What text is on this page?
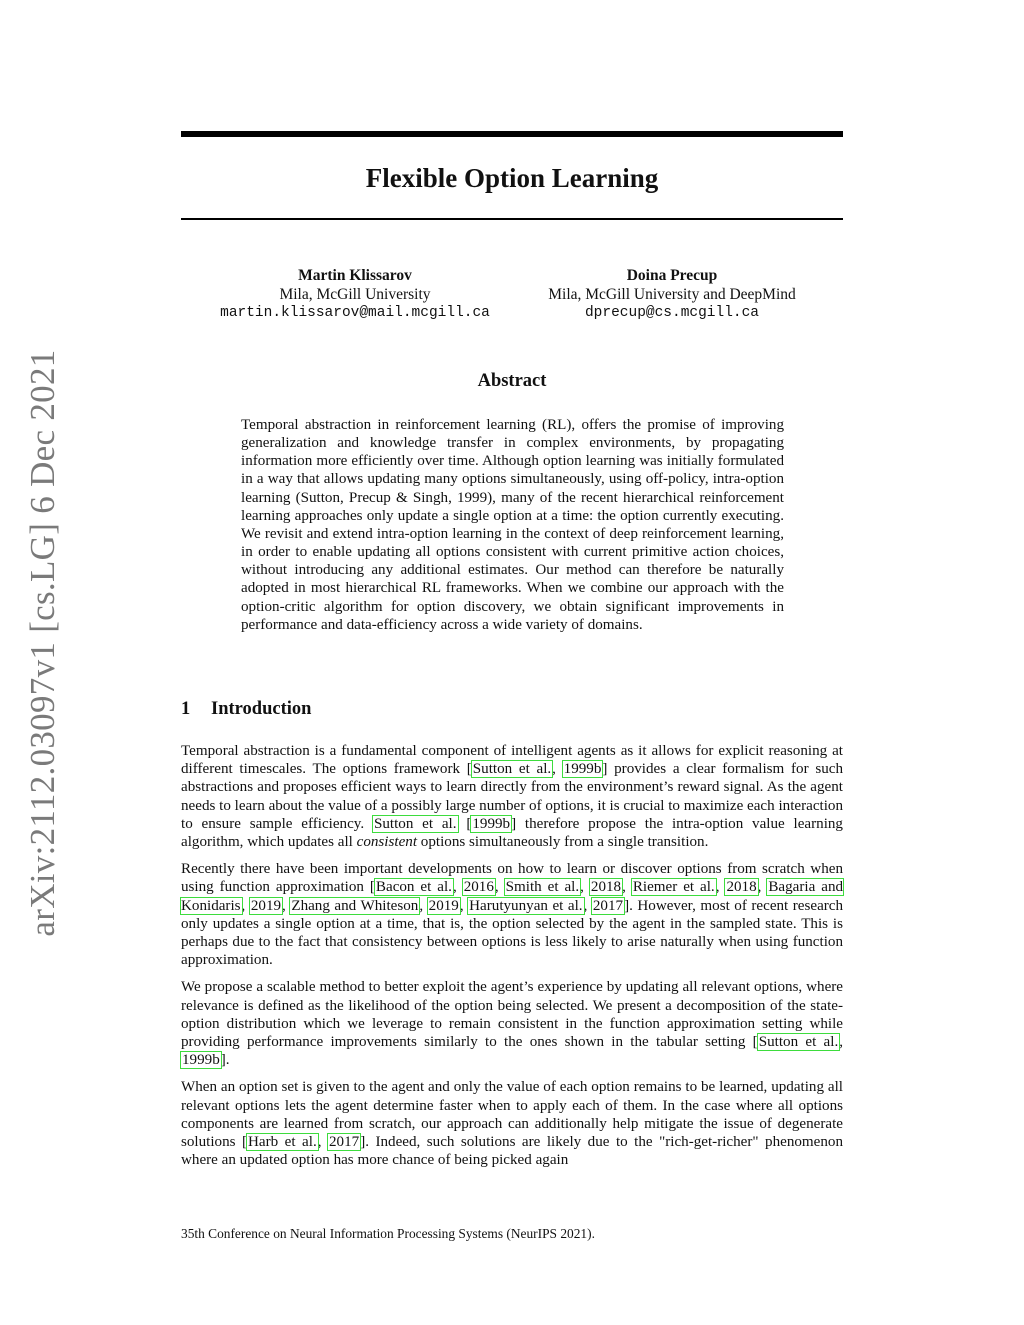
arXiv:2112.03097v1 [cs.LG] 6 Dec 2021
Flexible Option Learning
Martin Klissarov
Mila, McGill University
martin.klissarov@mail.mcgill.ca
Doina Precup
Mila, McGill University and DeepMind
dprecup@cs.mcgill.ca
Abstract
Temporal abstraction in reinforcement learning (RL), offers the promise of improving generalization and knowledge transfer in complex environments, by propagating information more efficiently over time. Although option learning was initially formulated in a way that allows updating many options simultaneously, using off-policy, intra-option learning (Sutton, Precup & Singh, 1999), many of the recent hierarchical reinforcement learning approaches only update a single option at a time: the option currently executing. We revisit and extend intra-option learning in the context of deep reinforcement learning, in order to enable updating all options consistent with current primitive action choices, without introducing any additional estimates. Our method can therefore be naturally adopted in most hierarchical RL frameworks. When we combine our approach with the option-critic algorithm for option discovery, we obtain significant improvements in performance and data-efficiency across a wide variety of domains.
1 Introduction

Temporal abstraction is a fundamental component of intelligent agents as it allows for explicit reasoning at different timescales. The options framework [Sutton et al., 1999b] provides a clear formalism for such abstractions and proposes efficient ways to learn directly from the environment’s reward signal. As the agent needs to learn about the value of a possibly large number of options, it is crucial to maximize each interaction to ensure sample efficiency. Sutton et al. [1999b] therefore propose the intra-option value learning algorithm, which updates all consistent options simultaneously from a single transition.

Recently there have been important developments on how to learn or discover options from scratch when using function approximation [Bacon et al., 2016, Smith et al., 2018, Riemer et al., 2018, Bagaria and Konidaris, 2019, Zhang and Whiteson, 2019, Harutyunyan et al., 2017]. However, most of recent research only updates a single option at a time, that is, the option selected by the agent in the sampled state. This is perhaps due to the fact that consistency between options is less likely to arise naturally when using function approximation.

We propose a scalable method to better exploit the agent’s experience by updating all relevant options, where relevance is defined as the likelihood of the option being selected. We present a decomposition of the state-option distribution which we leverage to remain consistent in the function approximation setting while providing performance improvements similarly to the ones shown in the tabular setting [Sutton et al., 1999b].

When an option set is given to the agent and only the value of each option remains to be learned, updating all relevant options lets the agent determine faster when to apply each of them. In the case where all options components are learned from scratch, our approach can additionally help mitigate the issue of degenerate solutions [Harb et al., 2017]. Indeed, such solutions are likely due to the "rich-get-richer" phenomenon where an updated option has more chance of being picked again

35th Conference on Neural Information Processing Systems (NeurIPS 2021).
